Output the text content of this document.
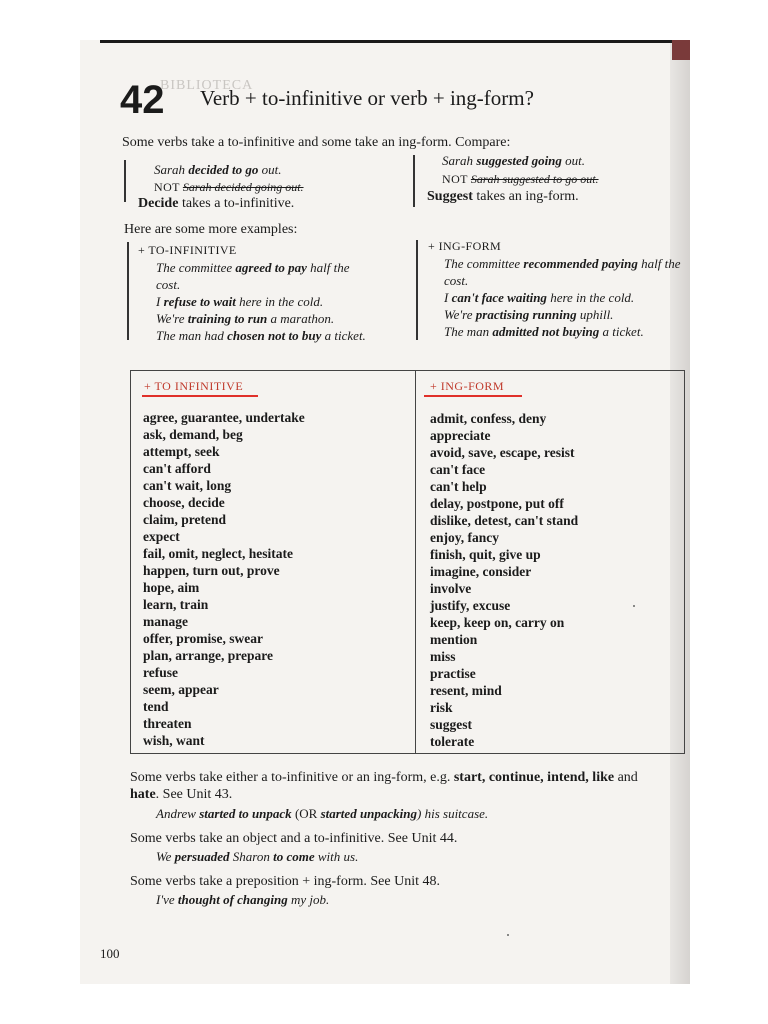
BIBLIOTECA
42 Verb + to-infinitive or verb + ing-form?
Some verbs take a to-infinitive and some take an ing-form. Compare:
Sarah decided to go out.
NOT Sarah decided going out.
Decide takes a to-infinitive.
Sarah suggested going out.
NOT Sarah suggested to go out.
Suggest takes an ing-form.
Here are some more examples:
+ TO-INFINITIVE
The committee agreed to pay half the
cost.
I refuse to wait here in the cold.
We're training to run a marathon.
The man had chosen not to buy a ticket.
+ ING-FORM
The committee recommended paying half the
cost.
I can't face waiting here in the cold.
We're practising running uphill.
The man admitted not buying a ticket.
+ TO INFINITIVE	+ ING-FORM
agree, guarantee, undertake
ask, demand, beg
attempt, seek
can't afford
can't wait, long
choose, decide
claim, pretend
expect
fail, omit, neglect, hesitate
happen, turn out, prove
hope, aim
learn, train
manage
offer, promise, swear
plan, arrange, prepare
refuse
seem, appear
tend
threaten
wish, want
admit, confess, deny
appreciate
avoid, save, escape, resist
can't face
can't help
delay, postpone, put off
dislike, detest, can't stand
enjoy, fancy
finish, quit, give up
imagine, consider
involve
justify, excuse
keep, keep on, carry on
mention
miss
practise
resent, mind
risk
suggest
tolerate
Some verbs take either a to-infinitive or an ing-form, e.g. start, continue, intend, like and
hate. See Unit 43.
Andrew started to unpack (OR started unpacking) his suitcase.
Some verbs take an object and a to-infinitive. See Unit 44.
We persuaded Sharon to come with us.
Some verbs take a preposition + ing-form. See Unit 48.
I've thought of changing my job.
100
